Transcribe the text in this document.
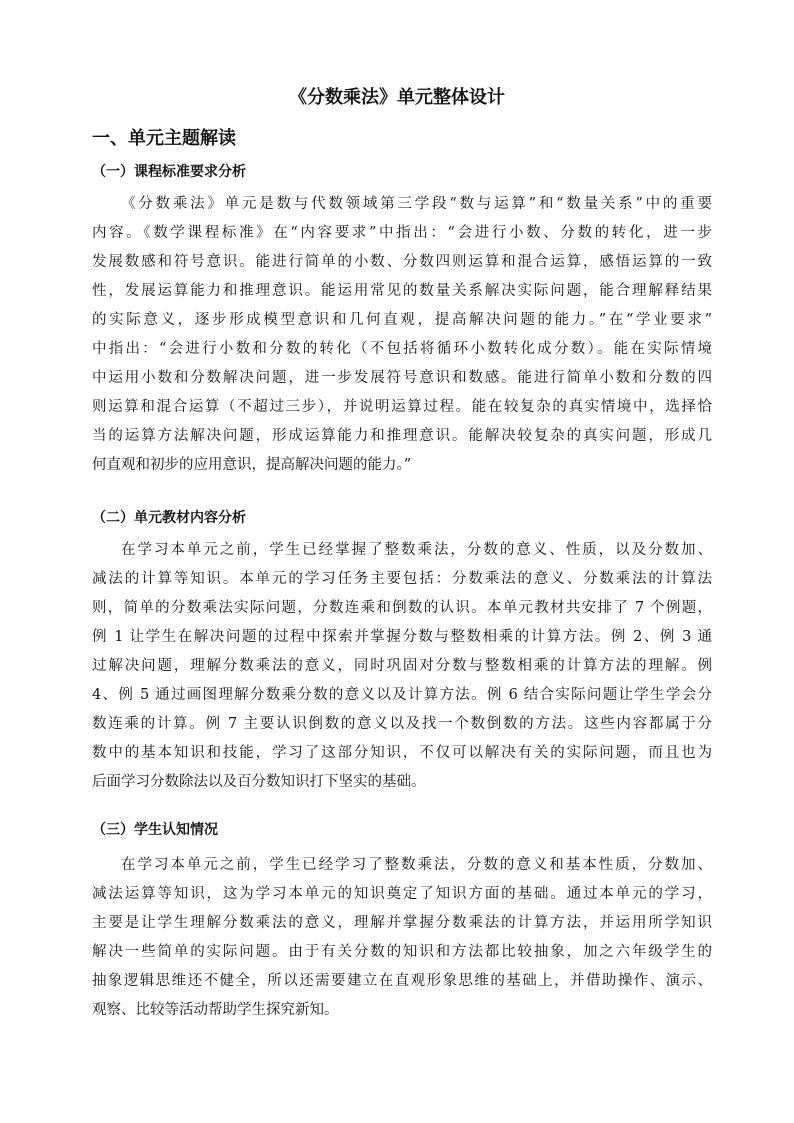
《分数乘法》单元整体设计
一、单元主题解读
（一）课程标准要求分析
《分数乘法》单元是数与代数领域第三学段“数与运算”和“数量关系”中的重要
内容。《数学课程标准》在“内容要求”中指出：“会进行小数、分数的转化，进一步
发展数感和符号意识。能进行简单的小数、分数四则运算和混合运算，感悟运算的一致
性，发展运算能力和推理意识。能运用常见的数量关系解决实际问题，能合理解释结果
的实际意义，逐步形成模型意识和几何直观，提高解决问题的能力。”在“学业要求”
中指出：“会进行小数和分数的转化（不包括将循环小数转化成分数）。能在实际情境
中运用小数和分数解决问题，进一步发展符号意识和数感。能进行简单小数和分数的四
则运算和混合运算（不超过三步），并说明运算过程。能在较复杂的真实情境中，选择恰
当的运算方法解决问题，形成运算能力和推理意识。能解决较复杂的真实问题，形成几
何直观和初步的应用意识，提高解决问题的能力。”
（二）单元教材内容分析
在学习本单元之前，学生已经掌握了整数乘法，分数的意义、性质，以及分数加、
减法的计算等知识。本单元的学习任务主要包括：分数乘法的意义、分数乘法的计算法
则，简单的分数乘法实际问题，分数连乘和倒数的认识。本单元教材共安排了 7 个例题，
例 1 让学生在解决问题的过程中探索并掌握分数与整数相乘的计算方法。例 2、例 3 通
过解决问题，理解分数乘法的意义，同时巩固对分数与整数相乘的计算方法的理解。例
4、例 5 通过画图理解分数乘分数的意义以及计算方法。例 6 结合实际问题让学生学会分
数连乘的计算。例 7 主要认识倒数的意义以及找一个数倒数的方法。这些内容都属于分
数中的基本知识和技能，学习了这部分知识，不仅可以解决有关的实际问题，而且也为
后面学习分数除法以及百分数知识打下坚实的基础。
（三）学生认知情况
在学习本单元之前，学生已经学习了整数乘法，分数的意义和基本性质，分数加、
减法运算等知识，这为学习本单元的知识奠定了知识方面的基础。通过本单元的学习，
主要是让学生理解分数乘法的意义，理解并掌握分数乘法的计算方法，并运用所学知识
解决一些简单的实际问题。由于有关分数的知识和方法都比较抽象，加之六年级学生的
抽象逻辑思维还不健全，所以还需要建立在直观形象思维的基础上，并借助操作、演示、
观察、比较等活动帮助学生探究新知。
